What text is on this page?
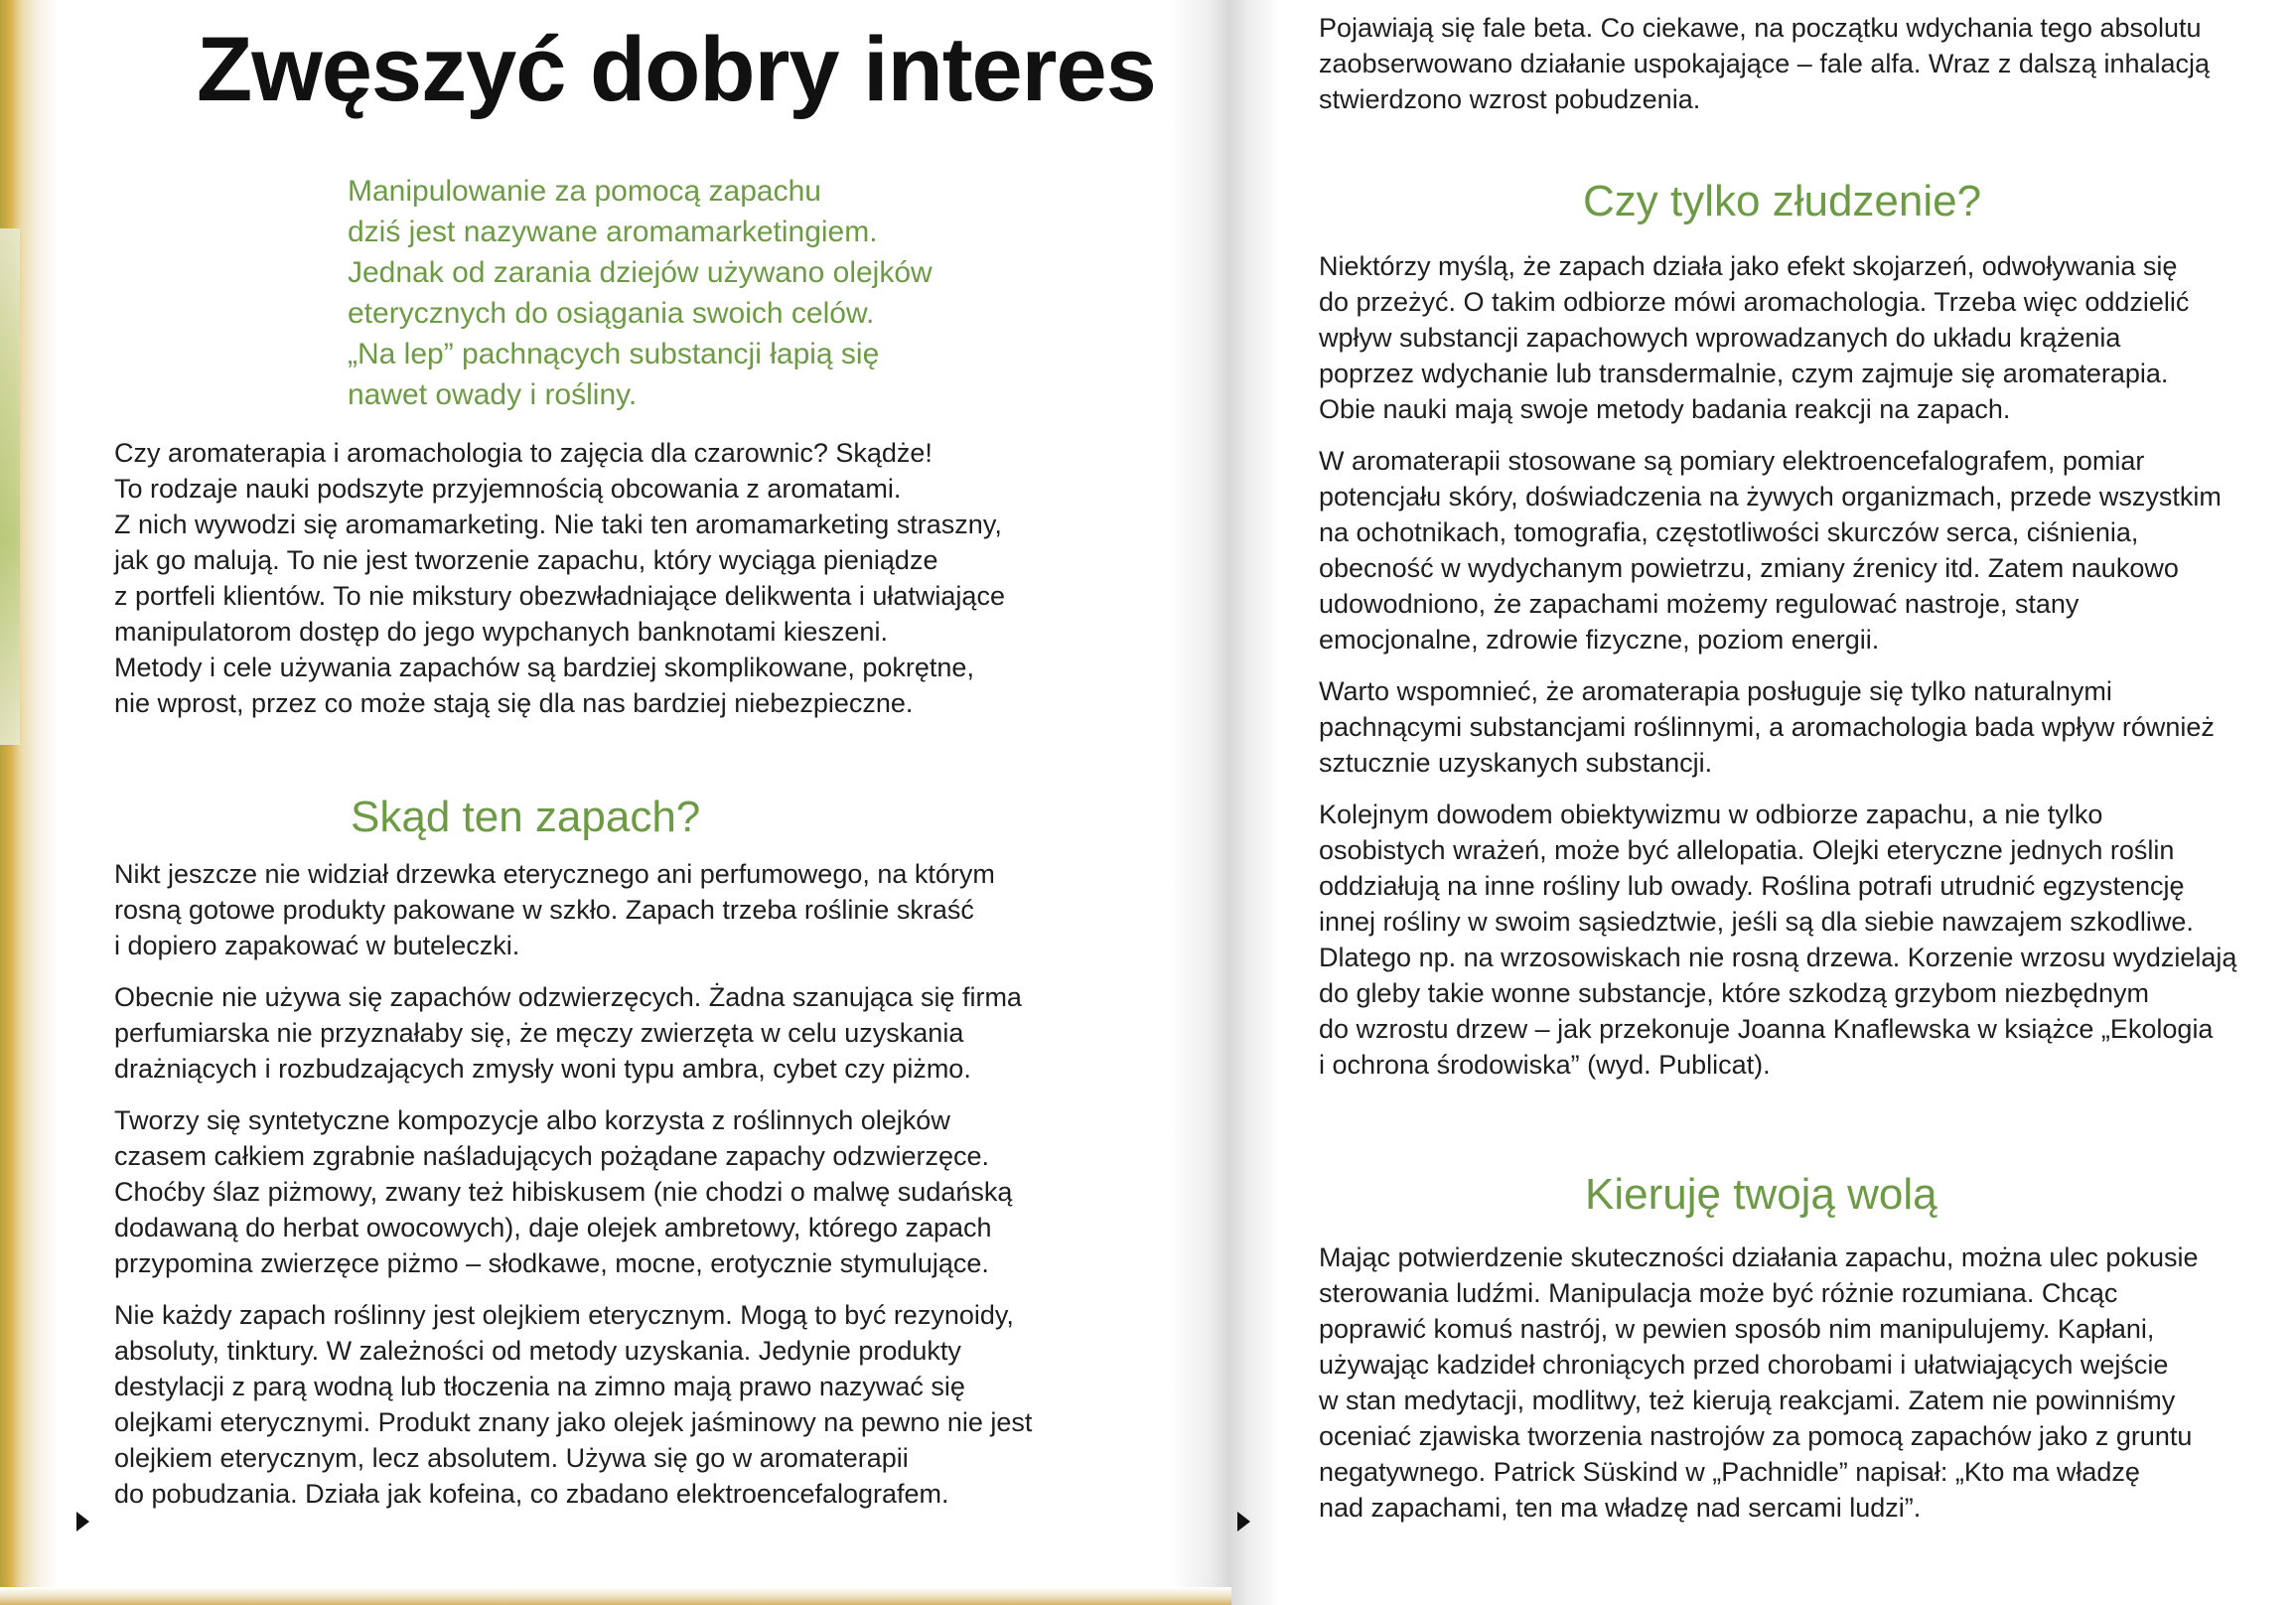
Zwęszyć dobry interes
Manipulowanie za pomocą zapachu
dziś jest nazywane aromamarketingiem.
Jednak od zarania dziejów używano olejków
eterycznych do osiągania swoich celów.
„Na lep” pachnących substancji łapią się
nawet owady i rośliny.
Czy aromaterapia i aromachologia to zajęcia dla czarownic? Skądże!
To rodzaje nauki podszyte przyjemnością obcowania z aromatami.
Z nich wywodzi się aromamarketing. Nie taki ten aromamarketing straszny,
jak go malują. To nie jest tworzenie zapachu, który wyciąga pieniądze
z portfeli klientów. To nie mikstury obezwładniające delikwenta i ułatwiające
manipulatorom dostęp do jego wypchanych banknotami kieszeni.
Metody i cele używania zapachów są bardziej skomplikowane, pokrętne,
nie wprost, przez co może stają się dla nas bardziej niebezpieczne.
Skąd ten zapach?

Nikt jeszcze nie widział drzewka eterycznego ani perfumowego, na którym
rosną gotowe produkty pakowane w szkło. Zapach trzeba roślinie skraść
i dopiero zapakować w buteleczki.

Obecnie nie używa się zapachów odzwierzęcych. Żadna szanująca się firma
perfumiarska nie przyznałaby się, że męczy zwierzęta w celu uzyskania
drażniących i rozbudzających zmysły woni typu ambra, cybet czy piżmo.

Tworzy się syntetyczne kompozycje albo korzysta z roślinnych olejków
czasem całkiem zgrabnie naśladujących pożądane zapachy odzwierzęce.
Choćby ślaz piżmowy, zwany też hibiskusem (nie chodzi o malwę sudańską
dodawaną do herbat owocowych), daje olejek ambretowy, którego zapach
przypomina zwierzęce piżmo – słodkawe, mocne, erotycznie stymulujące.

Nie każdy zapach roślinny jest olejkiem eterycznym. Mogą to być rezynoidy,
absoluty, tinktury. W zależności od metody uzyskania. Jedynie produkty
destylacji z parą wodną lub tłoczenia na zimno mają prawo nazywać się
olejkami eterycznymi. Produkt znany jako olejek jaśminowy na pewno nie jest
olejkiem eterycznym, lecz absolutem. Używa się go w aromaterapii
do pobudzania. Działa jak kofeina, co zbadano elektroencefalografem.

Pojawiają się fale beta. Co ciekawe, na początku wdychania tego absolutu
zaobserwowano działanie uspokajające – fale alfa. Wraz z dalszą inhalacją
stwierdzono wzrost pobudzenia.
Czy tylko złudzenie?

Niektórzy myślą, że zapach działa jako efekt skojarzeń, odwoływania się
do przeżyć. O takim odbiorze mówi aromachologia. Trzeba więc oddzielić
wpływ substancji zapachowych wprowadzanych do układu krążenia
poprzez wdychanie lub transdermalnie, czym zajmuje się aromaterapia.
Obie nauki mają swoje metody badania reakcji na zapach.

W aromaterapii stosowane są pomiary elektroencefalografem, pomiar
potencjału skóry, doświadczenia na żywych organizmach, przede wszystkim
na ochotnikach, tomografia, częstotliwości skurczów serca, ciśnienia,
obecność w wydychanym powietrzu, zmiany źrenicy itd. Zatem naukowo
udowodniono, że zapachami możemy regulować nastroje, stany
emocjonalne, zdrowie fizyczne, poziom energii.

Warto wspomnieć, że aromaterapia posługuje się tylko naturalnymi
pachnącymi substancjami roślinnymi, a aromachologia bada wpływ również
sztucznie uzyskanych substancji.

Kolejnym dowodem obiektywizmu w odbiorze zapachu, a nie tylko
osobistych wrażeń, może być allelopatia. Olejki eteryczne jednych roślin
oddziałują na inne rośliny lub owady. Roślina potrafi utrudnić egzystencję
innej rośliny w swoim sąsiedztwie, jeśli są dla siebie nawzajem szkodliwe.
Dlatego np. na wrzosowiskach nie rosną drzewa. Korzenie wrzosu wydzielają
do gleby takie wonne substancje, które szkodzą grzybom niezbędnym
do wzrostu drzew – jak przekonuje Joanna Knaflewska w książce „Ekologia
i ochrona środowiska” (wyd. Publicat).

Kieruję twoją wolą

Mając potwierdzenie skuteczności działania zapachu, można ulec pokusie
sterowania ludźmi. Manipulacja może być różnie rozumiana. Chcąc
poprawić komuś nastrój, w pewien sposób nim manipulujemy. Kapłani,
używając kadzideł chroniących przed chorobami i ułatwiających wejście
w stan medytacji, modlitwy, też kierują reakcjami. Zatem nie powinniśmy
oceniać zjawiska tworzenia nastrojów za pomocą zapachów jako z gruntu
negatywnego. Patrick Süskind w „Pachnidle” napisał: „Kto ma władzę
nad zapachami, ten ma władzę nad sercami ludzi”.
